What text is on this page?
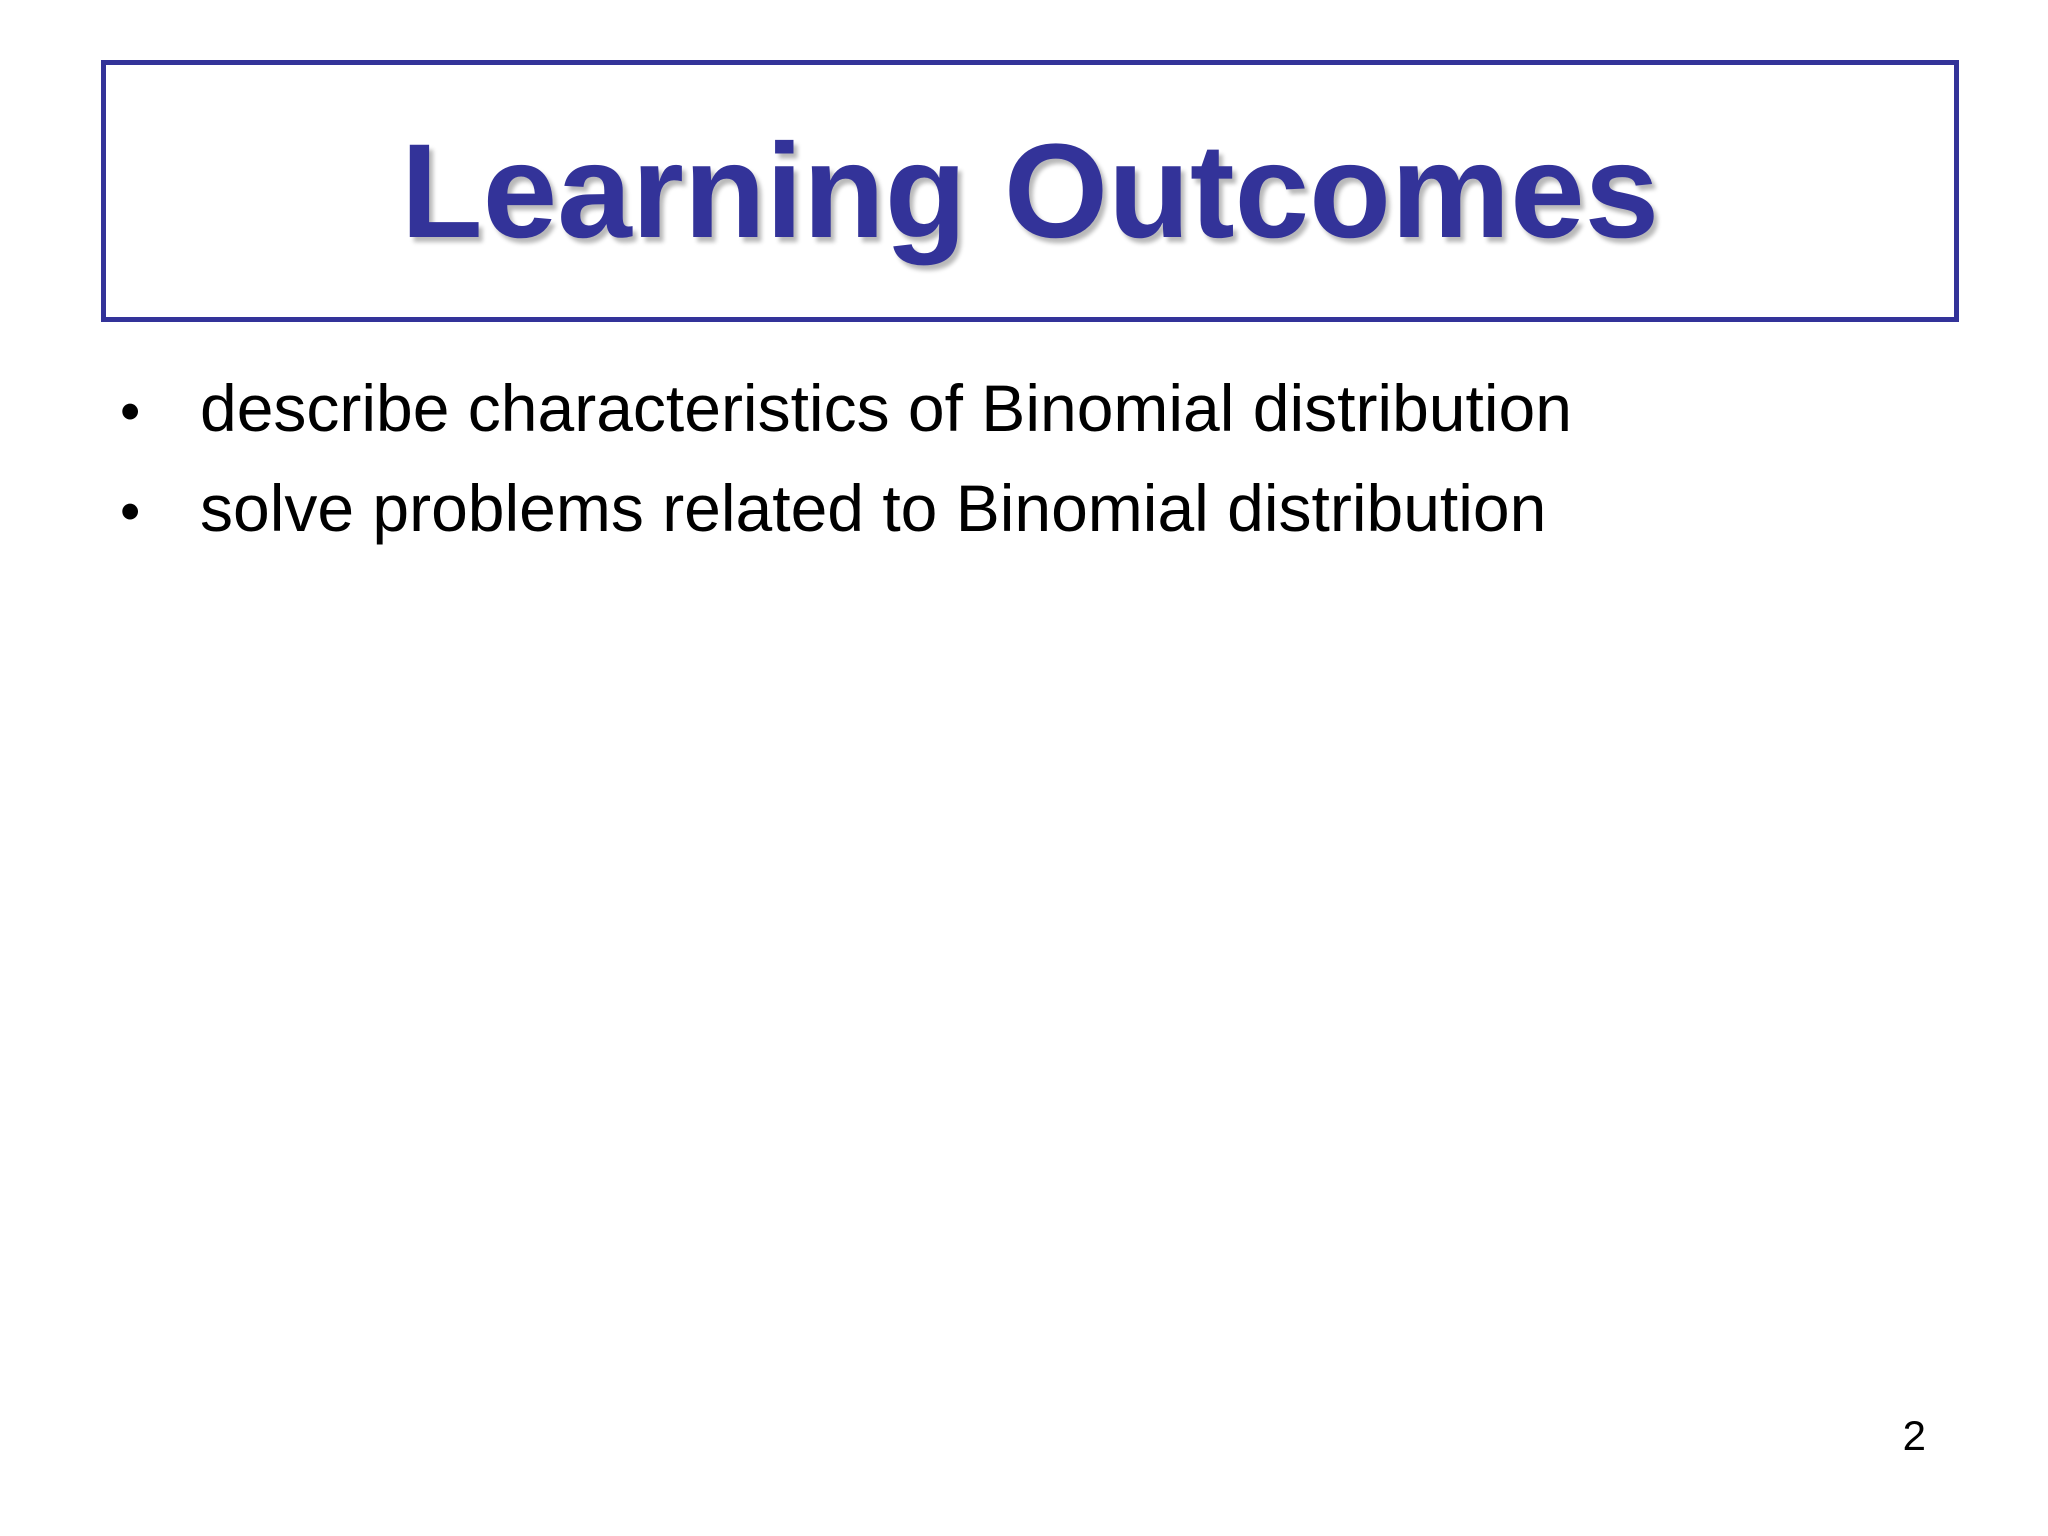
Learning Outcomes
• describe characteristics of Binomial distribution
• solve problems related to Binomial distribution
2
